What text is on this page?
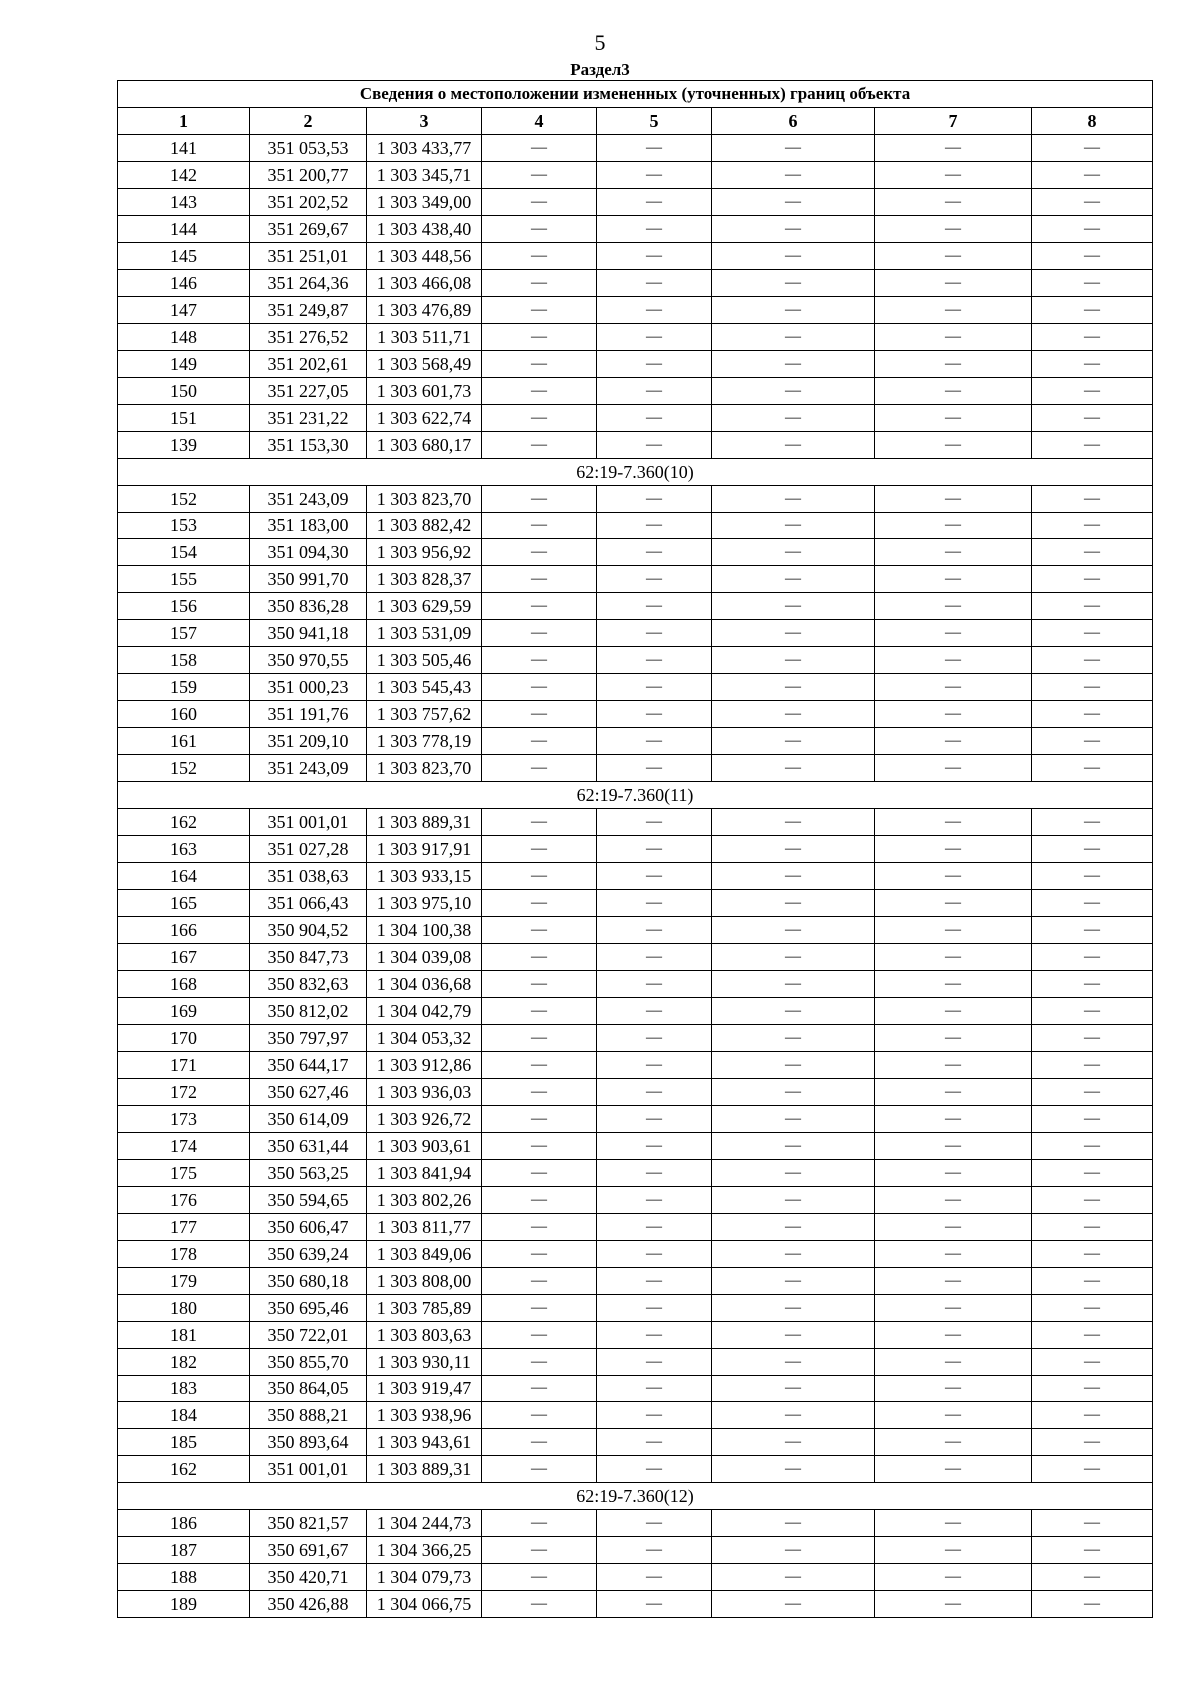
5
Раздел3
Сведения о местоположении измененных (уточненных) границ объекта							
1	2	3	4	5	6	7	8
141	351 053,53	1 303 433,77	—	—	—	—	—
142	351 200,77	1 303 345,71	—	—	—	—	—
143	351 202,52	1 303 349,00	—	—	—	—	—
144	351 269,67	1 303 438,40	—	—	—	—	—
145	351 251,01	1 303 448,56	—	—	—	—	—
146	351 264,36	1 303 466,08	—	—	—	—	—
147	351 249,87	1 303 476,89	—	—	—	—	—
148	351 276,52	1 303 511,71	—	—	—	—	—
149	351 202,61	1 303 568,49	—	—	—	—	—
150	351 227,05	1 303 601,73	—	—	—	—	—
151	351 231,22	1 303 622,74	—	—	—	—	—
139	351 153,30	1 303 680,17	—	—	—	—	—
62:19-7.360(10)							
152	351 243,09	1 303 823,70	—	—	—	—	—
153	351 183,00	1 303 882,42	—	—	—	—	—
154	351 094,30	1 303 956,92	—	—	—	—	—
155	350 991,70	1 303 828,37	—	—	—	—	—
156	350 836,28	1 303 629,59	—	—	—	—	—
157	350 941,18	1 303 531,09	—	—	—	—	—
158	350 970,55	1 303 505,46	—	—	—	—	—
159	351 000,23	1 303 545,43	—	—	—	—	—
160	351 191,76	1 303 757,62	—	—	—	—	—
161	351 209,10	1 303 778,19	—	—	—	—	—
152	351 243,09	1 303 823,70	—	—	—	—	—
62:19-7.360(11)							
162	351 001,01	1 303 889,31	—	—	—	—	—
163	351 027,28	1 303 917,91	—	—	—	—	—
164	351 038,63	1 303 933,15	—	—	—	—	—
165	351 066,43	1 303 975,10	—	—	—	—	—
166	350 904,52	1 304 100,38	—	—	—	—	—
167	350 847,73	1 304 039,08	—	—	—	—	—
168	350 832,63	1 304 036,68	—	—	—	—	—
169	350 812,02	1 304 042,79	—	—	—	—	—
170	350 797,97	1 304 053,32	—	—	—	—	—
171	350 644,17	1 303 912,86	—	—	—	—	—
172	350 627,46	1 303 936,03	—	—	—	—	—
173	350 614,09	1 303 926,72	—	—	—	—	—
174	350 631,44	1 303 903,61	—	—	—	—	—
175	350 563,25	1 303 841,94	—	—	—	—	—
176	350 594,65	1 303 802,26	—	—	—	—	—
177	350 606,47	1 303 811,77	—	—	—	—	—
178	350 639,24	1 303 849,06	—	—	—	—	—
179	350 680,18	1 303 808,00	—	—	—	—	—
180	350 695,46	1 303 785,89	—	—	—	—	—
181	350 722,01	1 303 803,63	—	—	—	—	—
182	350 855,70	1 303 930,11	—	—	—	—	—
183	350 864,05	1 303 919,47	—	—	—	—	—
184	350 888,21	1 303 938,96	—	—	—	—	—
185	350 893,64	1 303 943,61	—	—	—	—	—
162	351 001,01	1 303 889,31	—	—	—	—	—
62:19-7.360(12)							
186	350 821,57	1 304 244,73	—	—	—	—	—
187	350 691,67	1 304 366,25	—	—	—	—	—
188	350 420,71	1 304 079,73	—	—	—	—	—
189	350 426,88	1 304 066,75	—	—	—	—	—
